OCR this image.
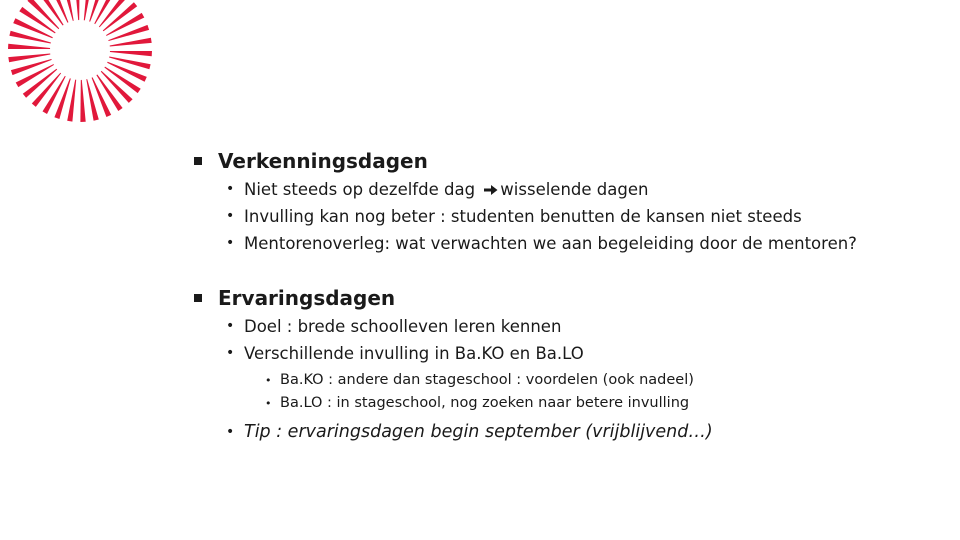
Verkenningsdagen
• Niet steeds op dezelfde dag wisselende dagen
• Invulling kan nog beter : studenten benutten de kansen niet steeds
• Mentorenoverleg: wat verwachten we aan begeleiding door de mentoren?
Ervaringsdagen
• Doel : brede schoolleven leren kennen
• Verschillende invulling in Ba.KO en Ba.LO
• Ba.KO : andere dan stageschool : voordelen (ook nadeel)
• Ba.LO : in stageschool, nog zoeken naar betere invulling
• Tip : ervaringsdagen begin september (vrijblijvend…)
